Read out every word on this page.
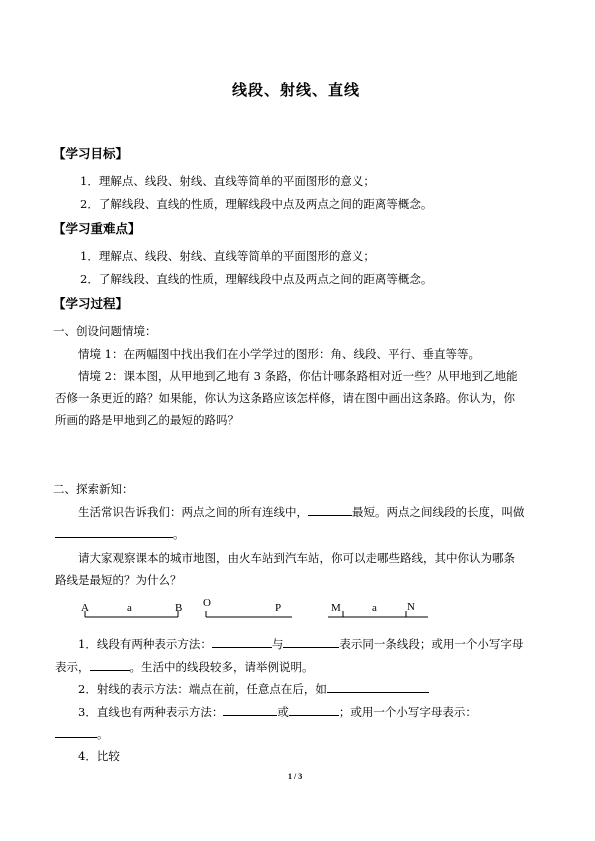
线段、射线、直线
【学习目标】
1．理解点、线段、射线、直线等简单的平面图形的意义；
2．了解线段、直线的性质，理解线段中点及两点之间的距离等概念。
【学习重难点】
1．理解点、线段、射线、直线等简单的平面图形的意义；
2．了解线段、直线的性质，理解线段中点及两点之间的距离等概念。
【学习过程】
一、创设问题情境：
情境 1：在两幅图中找出我们在小学学过的图形：角、线段、平行、垂直等等。
情境 2：课本图，从甲地到乙地有 3 条路，你估计哪条路相对近一些？从甲地到乙地能
否修一条更近的路？如果能，你认为这条路应该怎样修，请在图中画出这条路。你认为，你
所画的路是甲地到乙的最短的路吗？
二、探索新知：
生活常识告诉我们：两点之间的所有连线中，	最短。两点之间线段的长度，叫做
。
请大家观察课本的城市地图，由火车站到汽车站，你可以走哪些路线，其中你认为哪条
路线是最短的？为什么？
A	a	B O	P	M	a	N
1．线段有两种表示方法：	与	表示同一条线段；或用一个小写字母
表示，	。生活中的线段较多，请举例说明。
2．射线的表示方法：端点在前，任意点在后，如
3．直线也有两种表示方法：	或	；或用一个小写字母表示：
。
4．比较
1 / 3
